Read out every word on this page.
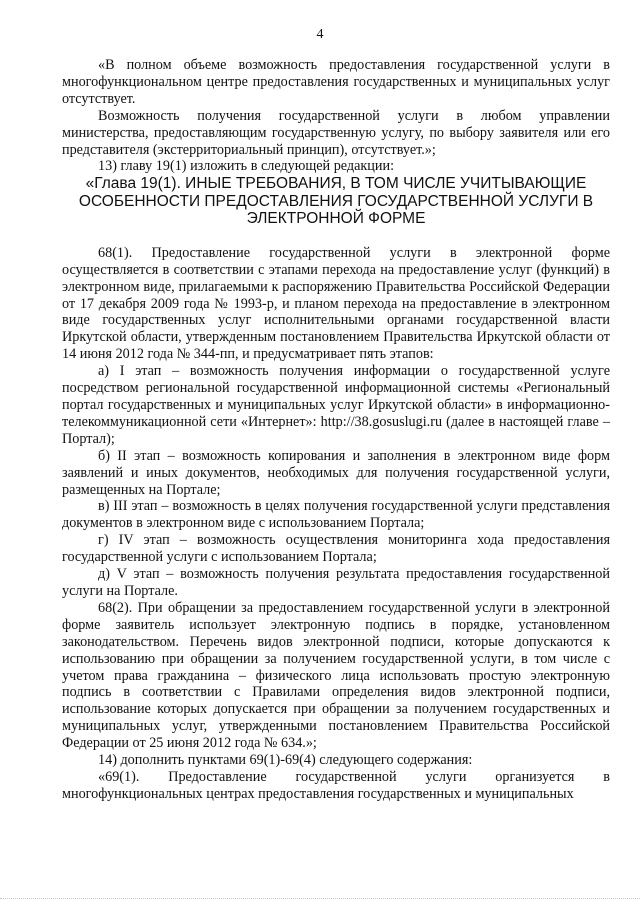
4

«В полном объеме возможность предоставления государственной услуги в многофункциональном центре предоставления государственных и муниципальных услуг отсутствует.

Возможность получения государственной услуги в любом управлении министерства, предоставляющим государственную услугу, по выбору заявителя или его представителя (экстерриториальный принцип), отсутствует.»;

13) главу 19(1) изложить в следующей редакции:

«Глава 19(1). ИНЫЕ ТРЕБОВАНИЯ, В ТОМ ЧИСЛЕ УЧИТЫВАЮЩИЕ
ОСОБЕННОСТИ ПРЕДОСТАВЛЕНИЯ ГОСУДАРСТВЕННОЙ УСЛУГИ В
ЭЛЕКТРОННОЙ ФОРМЕ

68(1). Предоставление государственной услуги в электронной форме осуществляется в соответствии с этапами перехода на предоставление услуг (функций) в электронном виде, прилагаемыми к распоряжению Правительства Российской Федерации от 17 декабря 2009 года № 1993-р, и планом перехода на предоставление в электронном виде государственных услуг исполнительными органами государственной власти Иркутской области, утвержденным постановлением Правительства Иркутской области от 14 июня 2012 года № 344-пп, и предусматривает пять этапов:

а) I этап – возможность получения информации о государственной услуге посредством региональной государственной информационной системы «Региональный портал государственных и муниципальных услуг Иркутской области» в информационно-телекоммуникационной сети «Интернет»: http://38.gosuslugi.ru (далее в настоящей главе – Портал);

б) II этап – возможность копирования и заполнения в электронном виде форм заявлений и иных документов, необходимых для получения государственной услуги, размещенных на Портале;

в) III этап – возможность в целях получения государственной услуги представления документов в электронном виде с использованием Портала;

г) IV этап – возможность осуществления мониторинга хода предоставления государственной услуги с использованием Портала;

д) V этап – возможность получения результата предоставления государственной услуги на Портале.

68(2). При обращении за предоставлением государственной услуги в электронной форме заявитель использует электронную подпись в порядке, установленном законодательством. Перечень видов электронной подписи, которые допускаются к использованию при обращении за получением государственной услуги, в том числе с учетом права гражданина – физического лица использовать простую электронную подпись в соответствии с Правилами определения видов электронной подписи, использование которых допускается при обращении за получением государственных и муниципальных услуг, утвержденными постановлением Правительства Российской Федерации от 25 июня 2012 года № 634.»;

14) дополнить пунктами 69(1)-69(4) следующего содержания:

«69(1). Предоставление государственной услуги организуется в многофункциональных центрах предоставления государственных и муниципальных
